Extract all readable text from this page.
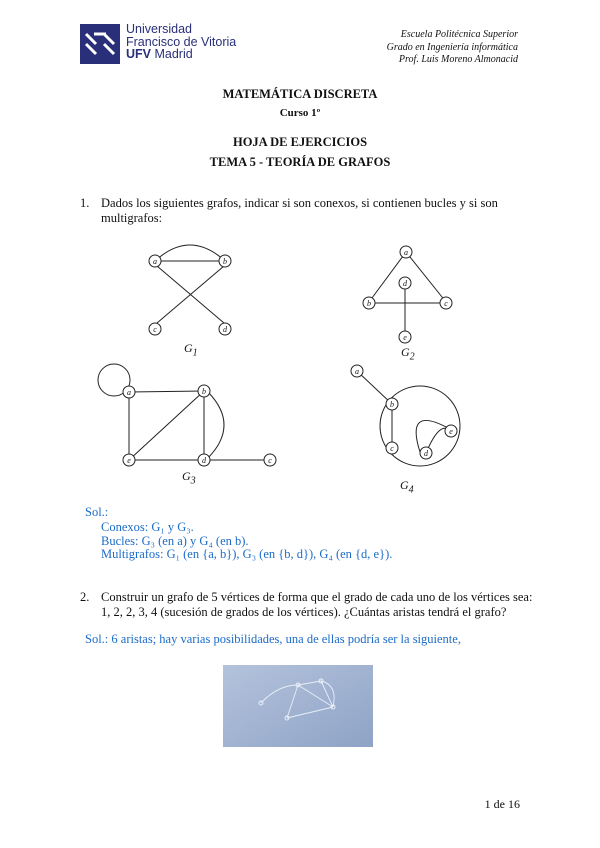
Universidad
Francisco de Vitoria
UFV Madrid
Escuela Politécnica Superior
Grado en Ingeniería informática
Prof. Luis Moreno Almonacid
MATEMÁTICA DISCRETA
Curso 1º
HOJA DE EJERCICIOS
TEMA 5 - TEORÍA DE GRAFOS
1. Dados los siguientes grafos, indicar si son conexos, si contienen bucles y si son
multigrafos:
a	b
c	d
a
d
b	c
e
a	b
e	d	c
a
b
c
e
d
$G_1$	$G_2$
$G_3$	$G_4$
Sol.:
Conexos: G₁ y G₃.
Bucles: G₃ (en a) y G₄ (en b).
Multigrafos: G₁ (en {a, b}), G₃ (en {b, d}), G₄ (en {d, e}).
2. Construir un grafo de 5 vértices de forma que el grado de cada uno de los vértices sea:
1, 2, 2, 3, 4 (sucesión de grados de los vértices). ¿Cuántas aristas tendrá el grafo?
Sol.: 6 aristas; hay varias posibilidades, una de ellas podría ser la siguiente,
1 de 16
